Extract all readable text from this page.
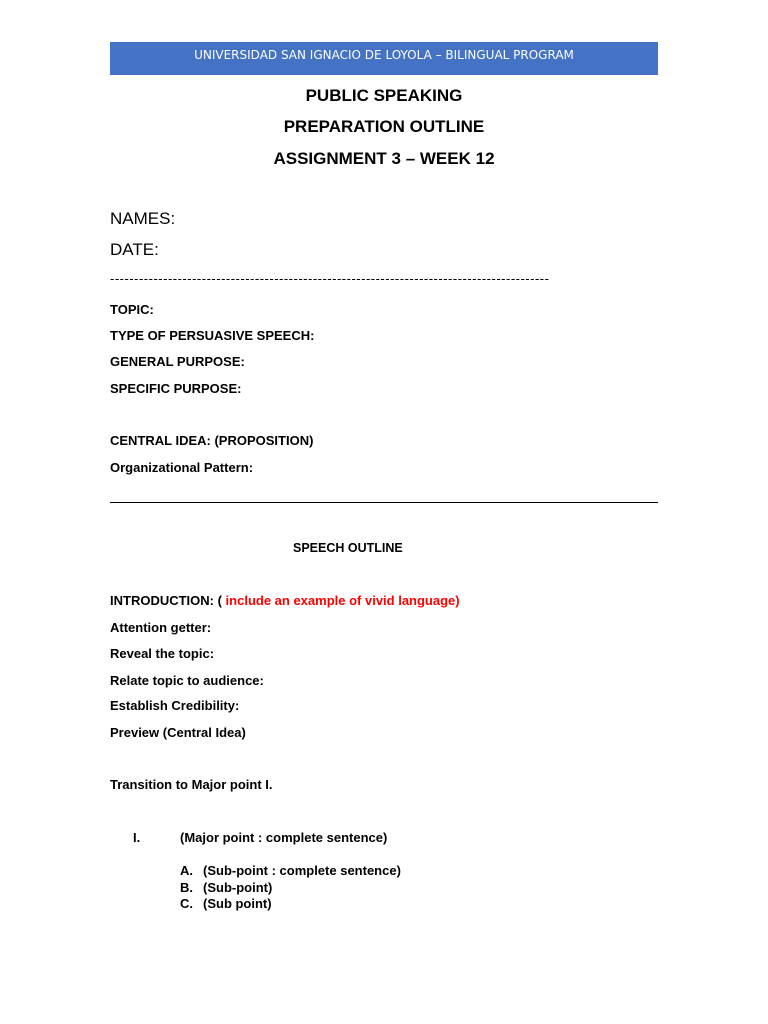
UNIVERSIDAD SAN IGNACIO DE LOYOLA – BILINGUAL PROGRAM
PUBLIC SPEAKING
PREPARATION OUTLINE
ASSIGNMENT 3 – WEEK 12
NAMES:
DATE:
-------------------------------------------------------------------------------------------
TOPIC:
TYPE OF PERSUASIVE SPEECH:
GENERAL PURPOSE:
SPECIFIC PURPOSE:
CENTRAL IDEA: (PROPOSITION)
Organizational Pattern:
SPEECH OUTLINE
INTRODUCTION: ( include an example of vivid language)
Attention getter:
Reveal the topic:
Relate topic to audience:
Establish Credibility:
Preview (Central Idea)
Transition to Major point I.
I.	(Major point : complete sentence)
A. (Sub-point : complete sentence)
B. (Sub-point)
C. (Sub point)
